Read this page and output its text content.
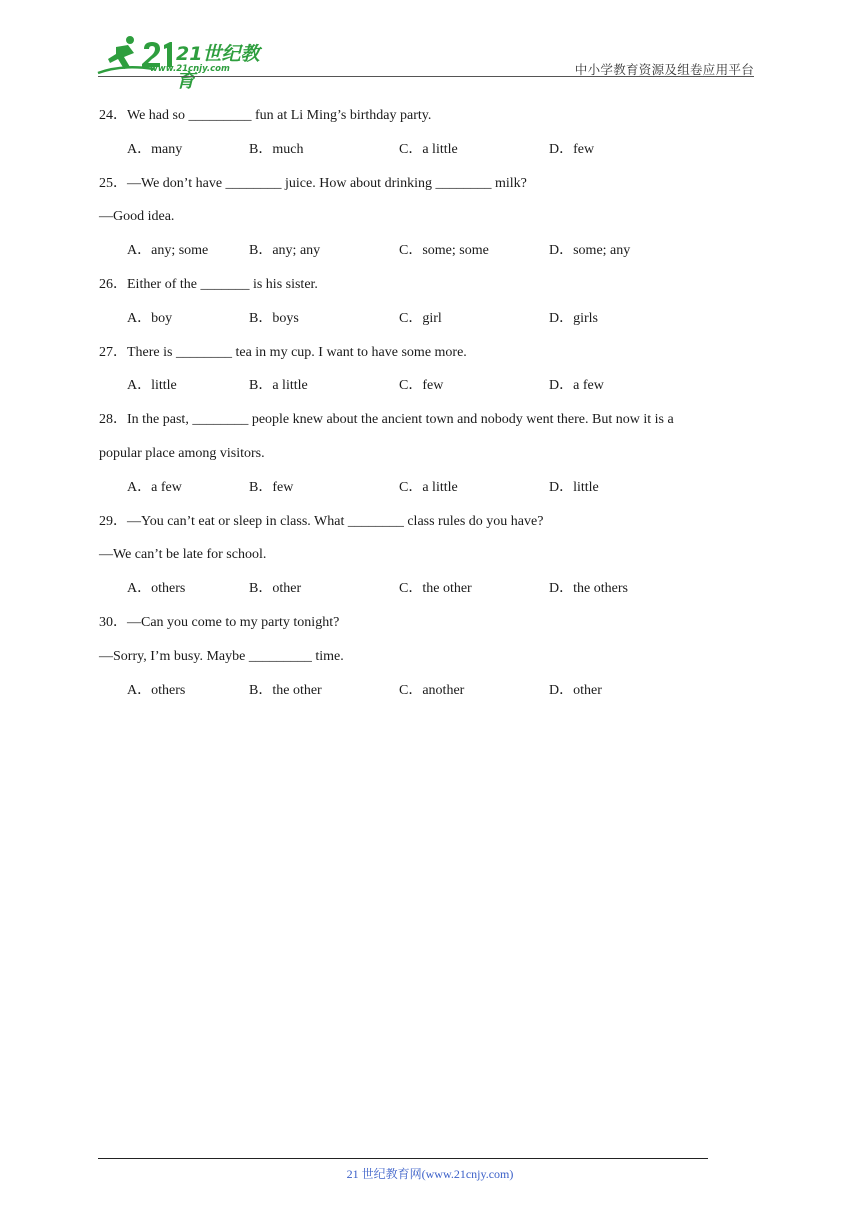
21世纪教育
www.21cnjy.com	中小学教育资源及组卷应用平台
24．We had so _________ fun at Li Ming’s birthday party.
A．many	B．much	C．a little	D．few
25．—We don’t have ________ juice. How about drinking ________ milk?
—Good idea.
A．any; some	B．any; any	C．some; some	D．some; any
26．Either of the _______ is his sister.
A．boy	B．boys	C．girl	D．girls
27．There is ________ tea in my cup. I want to have some more.
A．little	B．a little	C．few	D．a few
28．In the past, ________ people knew about the ancient town and nobody went there. But now it is a
popular place among visitors.
A．a few	B．few	C．a little	D．little
29．—You can’t eat or sleep in class. What ________ class rules do you have?
—We can’t be late for school.
A．others	B．other	C．the other	D．the others
30．—Can you come to my party tonight?
—Sorry, I’m busy. Maybe _________ time.
A．others	B．the other	C．another	D．other
21 世纪教育网(www.21cnjy.com)
